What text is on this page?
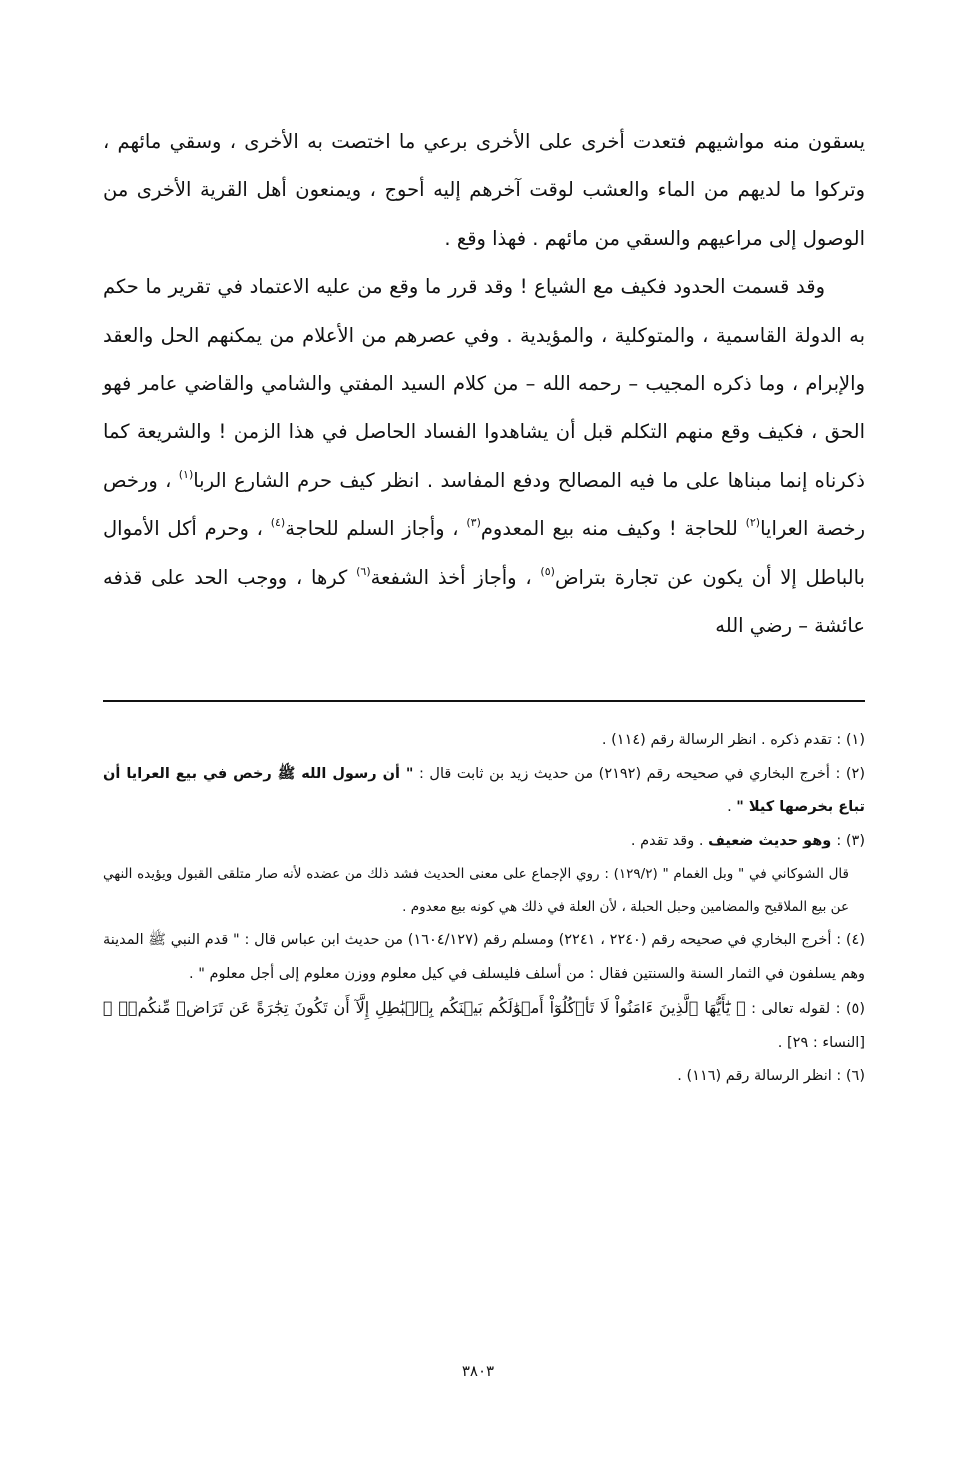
يسقون منه مواشيهم فتعدت أخرى على الأخرى برعي ما اختصت به الأخرى ، وسقي مائهم ، وتركوا ما لديهم من الماء والعشب لوقت آخرهم إليه أحوج ، ويمنعون أهل القرية الأخرى من الوصول إلى مراعيهم والسقي من مائهم . فهذا وقع .

وقد قسمت الحدود فكيف مع الشياع ! وقد قرر ما وقع من عليه الاعتماد في تقرير ما حكم به الدولة القاسمية ، والمتوكلية ، والمؤيدية . وفي عصرهم من الأعلام من يمكنهم الحل والعقد والإبرام ، وما ذكره المجيب – رحمه الله – من كلام السيد المفتي والشامي والقاضي عامر فهو الحق ، فكيف وقع منهم التكلم قبل أن يشاهدوا الفساد الحاصل في هذا الزمن ! والشريعة كما ذكرناه إنما مبناها على ما فيه المصالح ودفع المفاسد . انظر كيف حرم الشارع الربا$^{(١)}$ ، ورخص رخصة العرايا$^{(٢)}$ للحاجة ! وكيف منه بيع المعدوم$^{(٣)}$ ، وأجاز السلم للحاجة$^{(٤)}$ ، وحرم أكل الأموال بالباطل إلا أن يكون عن تجارة بتراض$^{(٥)}$ ، وأجاز أخذ الشفعة$^{(٦)}$ كرها ، ووجب الحد على قذفه عائشة – رضي الله

(١) : تقدم ذكره . انظر الرسالة رقم (١١٤) .

(٢) : أخرج البخاري في صحيحه رقم (٢١٩٢) من حديث زيد بن ثابت قال : " أن رسول الله ﷺ رخص في بيع العرايا أن تباع بخرصها كيلا " .

(٣) : وهو حديث ضعيف . وقد تقدم .
قال الشوكاني في " وبل الغمام " (١٢٩/٢) : روي الإجماع على معنى الحديث فشد ذلك من عضده لأنه صار متلقى القبول ويؤيده النهي عن بيع الملاقيح والمضامين وحبل الحبلة ، لأن العلة في ذلك هي كونه بيع معدوم .

(٤) : أخرج البخاري في صحيحه رقم (٢٢٤٠ ، ٢٢٤١) ومسلم رقم (١٦٠٤/١٢٧) من حديث ابن عباس قال : " قدم النبي ﷺ المدينة وهم يسلفون في الثمار السنة والسنتين فقال : من أسلف فليسلف في كيل معلوم ووزن معلوم إلى أجل معلوم " .

(٥) : لقوله تعالى : ﴿ يَٰٓأَيُّهَا ٱلَّذِينَ ءَامَنُواْ لَا تَأۡكُلُوٓاْ أَمۡوَٰلَكُم بَيۡنَكُم بِٱلۡبَٰطِلِ إِلَّآ أَن تَكُونَ تِجَٰرَةً عَن تَرَاضٖ مِّنكُمۡۚ ﴾ [النساء : ٢٩] .

(٦) : انظر الرسالة رقم (١١٦) .

٣٨٠٣
